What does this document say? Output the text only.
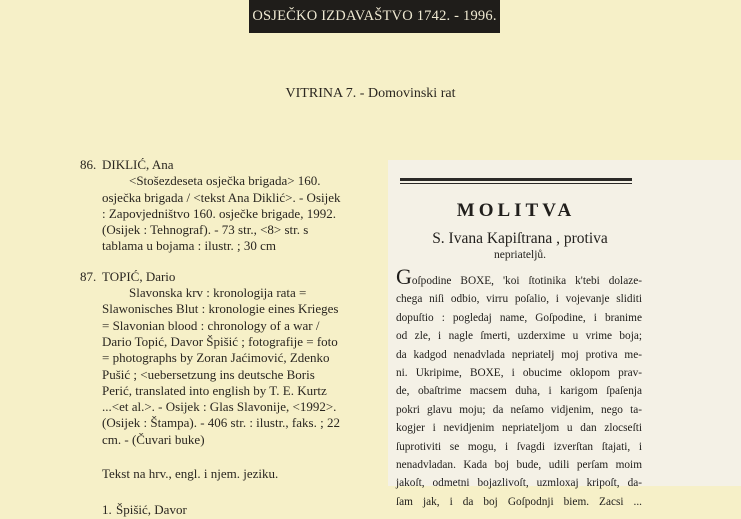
OSJEČKO IZDAVAŠTVO 1742. - 1996.
VITRINA 7. - Domovinski rat
86. DIKLIĆ, Ana
<Stošezdeseta osječka brigada> 160.
osječka brigada / <tekst Ana Diklić>. - Osijek
: Zapovjedništvo 160. osječke brigade, 1992.
(Osijek : Tehnograf). - 73 str., <8> str. s
tablama u bojama : ilustr. ; 30 cm
87. TOPIĆ, Dario
Slavonska krv : kronologija rata =
Slawonisches Blut : kronologie eines Krieges
= Slavonian blood : chronology of a war /
Dario Topić, Davor Špišić ; fotografije = foto
= photographs by Zoran Jaćimović, Zdenko
Pušić ; <uebersetzung ins deutsche Boris
Perić, translated into english by T. E. Kurtz
...<et al.>. - Osijek : Glas Slavonije, <1992>.
(Osijek : Štampa). - 406 str. : ilustr., faks. ; 22
cm. - (Čuvari buke)
Tekst na hrv., engl. i njem. jeziku.
1. Špišić, Davor
MOLITVA
S. Ivana Kapiſtrana , protiva
nepriateljů.
Goſpodine BOXE, 'koi ſtotinika k'tebi dolaze-
chega niſi odbio, virru poſalio, i vojevanje sliditi
dopuſtio : pogledaj name, Goſpodine, i branime
od zle, i nagle ſmerti, uzderxime u vrime boja;
da kadgod nenadvlada nepriatelj moj protiva me-
ni. Ukripime, BOXE, i obucime oklopom prav-
de, obaſtrime macsem duha, i karigom ſpaſenja
pokri glavu moju; da neſamo vidjenim, nego ta-
kogjer i nevidjenim nepriateljom u dan zlocseſti
ſuprotiviti se mogu, i ſvagdi izverſtan ſtajati, i
nenadvladan. Kada boj bude, udili perſam moim
jakoſt, odmetni bojazlivoſt, uzmloxaj kripoſt, da-
ſam jak, i da boj Goſpodnji biem. Zacsi ...
